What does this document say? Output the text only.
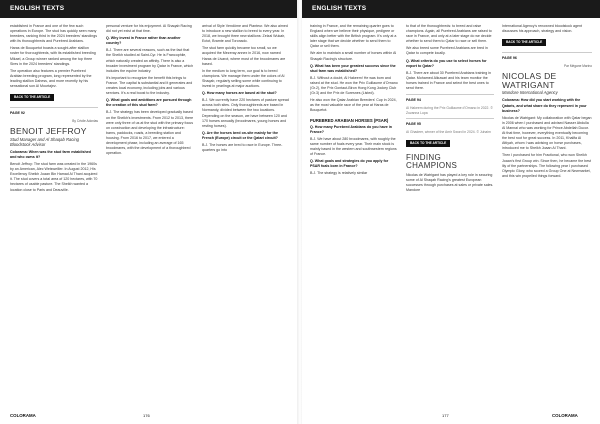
ENGLISH TEXTS

established in France and one of the few such operations in Europe. The stud has quickly seen many breeders, ranking third in the 2024 breeders' standings with its thoroughbreds and Purebred Arabians.

Haras de Bouquetot boasts a sought-after stallion roster for thoroughbreds, with its established breeding Mikael, a Group winner ranked among the top three Sires in the 2024 breeders' standings.

The operation also features a premier Purebred Arabian breeding program, long represented by the leading stallion Dahess, and more recently by his sensational son Al Mourtajez.

BACK TO THE ARTICLE
PAGE 92
By Cécile Adonias
BENOIT JEFFROY
Stud Manager and Al Shaqab Racing Bloodstock Advisor

Colorama: When was the stud farm established and who owns it?

Benoit Jeffroy: The stud farm was created in the 1960s by an American, Alec Weisweiller. In August 2012, His Excellency Sheikh Joaan Bin Hamad Al Thani acquired it. The stud covers a total area of 120 hectares, with 70 hectares of usable pasture. The Sheikh wanted a location close to Paris and Deauville.

personal venture for his enjoyment. Al Shaqab Racing did not yet exist at that time.

Q. Why invest in France rather than another country?

B.J. There are several reasons, such as the fact that the Sheikh studied at Saint-Cyr. He is Francophile, which naturally created an affinity. There is also a broader investment program by Qatar in France, which includes the equine industry.

It's important to recognize the benefit this brings to France. The capital is substantial and it generates and creates local economy, including jobs and various services. It's a real boost to the industry.

Q. What goals and ambitions are pursued through the creation of this stud farm?

B.J. The strategy has been developed gradually based on the Sheikh's investments. From 2012 to 2013, there were only three of us at the stud with the primary focus on construction and developing the infrastructure: barns, paddocks, roads, a breeding station and housing. From 2016 to 2017, we entered a development phase, including an average of 165 broodmares, with the development of a thoroughbred operation.

arrival of Style Vendôme and Planteur. We also aimed to introduce a new stallion to breed to every year. In 2018, we brought three new stallions: Zelzal Wukair, Ectot, Bramte and Toronado.

The stud farm quickly became too small, so we acquired the Mezeray annex in 2016, now named Haras de Livarot, where most of the broodmares are based.

In the medium to long term, our goal is to breed champions. We manage them under the colors of Al Shaqab, regularly selling some while continuing to invest in yearlings at major auctions.

Q. How many horses are based at the stud?

B.J. We currently have 220 hectares of pasture spread across both sites. Only thoroughbreds are based in Normandy, divided between the two locations. Depending on the season, we have between 120 and 170 horses annually (broodmares, young horses and resting horses).

Q. Are the horses bred on-site mainly for the French (Europe) circuit or the Qatari circuit?

B.J. The horses are bred to race in Europe. Three-quarters go into

COLORAMA	176
ENGLISH TEXTS

training in France, and the remaining quarter goes to England when we believe their physique, pedigree or skills align better with the British program. It's only at a later stage that we decide whether to send them to Qatar or sell them.

We aim to maintain a small number of horses within Al Shaqab Racing's structure.

Q. What has been your greatest success since the stud farm was established?

B.J. Without a doubt, Al Hakeem! He was born and raised at the stud. He won the Prix Guillaume d'Ornano (Gr.2), the Prix Gontaut-Biron Hong Kong Jockey Club (Gr.3) and the Prix de Suresnes (Listed).

He also won the Qatar Arabian Breeders' Cup in 2024, as the most valuable race of the year at Haras de Bouquetot.

PUREBRED ARABIAN HORSES (PSAR)

Q. How many Purebred Arabians do you have in France?

B.J. We have about 280 broodmares, with roughly the same number of foals every year. Their main stock is mainly based in the western and southwestern regions of France.

Q. What goals and strategies do you apply for PSAR foals born in France?

B.J. The strategy is relatively similar

to that of the thoroughbreds: to breed and raise champions. Again, all Purebred Arabians are raised to race in France, and only at a later stage do we decide whether to send them to Qatar to race or sell them.

We also breed some Purebred Arabians are bred in Qatar to compete locally.

Q. What criteria do you use to select horses for export to Qatar?

B.J. There are about 30 Purebred Arabians training in Qatar. Mohamed Alkuwari and his team monitor the horses trained in France and select the best ones to send there.

PAGE 94
Al Hakeem during the Prix Guillaume d'Ornano in 2022. © Zuzanna Lupa
PAGE 95
Al Ghadeer, winner of the Amir Sword in 2024. © Juhaim
BACK TO THE ARTICLE
FINDING CHAMPIONS

Nicolas de Watrigant has played a key role in securing some of Al Shaqab Racing's greatest European successes through purchases at sales or private sales. Mandore

International Agency's renowned bloodstock agent discusses his approach, strategy and vision.

BACK TO THE ARTICLE
PAGE 96
Par Mégane Marino
NICOLAS DE WATRIGANT
Mandore International Agency

Colorama: How did you start working with the Qataris, and what share do they represent in your business?

Nicolas de Watrigant: My collaboration with Qatar began in 2006 when I purchased and advised Nasser Abdulla Al Mannai who was working for Prince Abdellah Ducor. At that time, however, everything eventually becoming the best root for great success. In 2011, Khalifa Al Attiyah, whom I was advising on horse purchases, introduced me to Sheikh Joaan Al Thani.

Then I purchased for him Fractional, who won Sheikh Joaan's first Group win. Since then, he became the best lily of the partnerships. The following year I purchased Olympic Glory, who scored a Group One at Newmarket, and this win propelled things forward.

177	COLORAMA
